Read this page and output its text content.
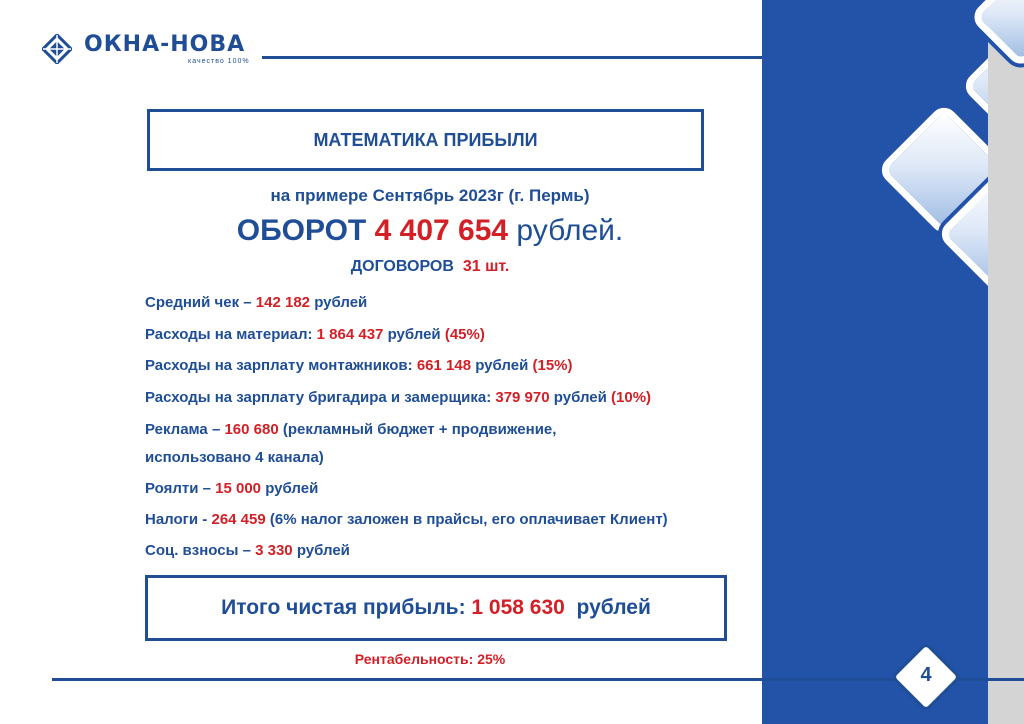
ОКНА-НОВА
качество 100%
МАТЕМАТИКА ПРИБЫЛИ
на примере Сентябрь 2023г (г. Пермь)
ОБОРОТ 4 407 654 рублей.
ДОГОВОРОВ 31 шт.
Средний чек – 142 182 рублей
Расходы на материал: 1 864 437 рублей (45%)
Расходы на зарплату монтажников: 661 148 рублей (15%)
Расходы на зарплату бригадира и замерщика: 379 970 рублей (10%)
Реклама – 160 680 (рекламный бюджет + продвижение,
использовано 4 канала)
Роялти – 15 000 рублей
Налоги - 264 459 (6% налог заложен в прайсы, его оплачивает Клиент)
Соц. взносы – 3 330 рублей
Итого чистая прибыль:
1 058 630
рублей
Рентабельность: 25%
4
